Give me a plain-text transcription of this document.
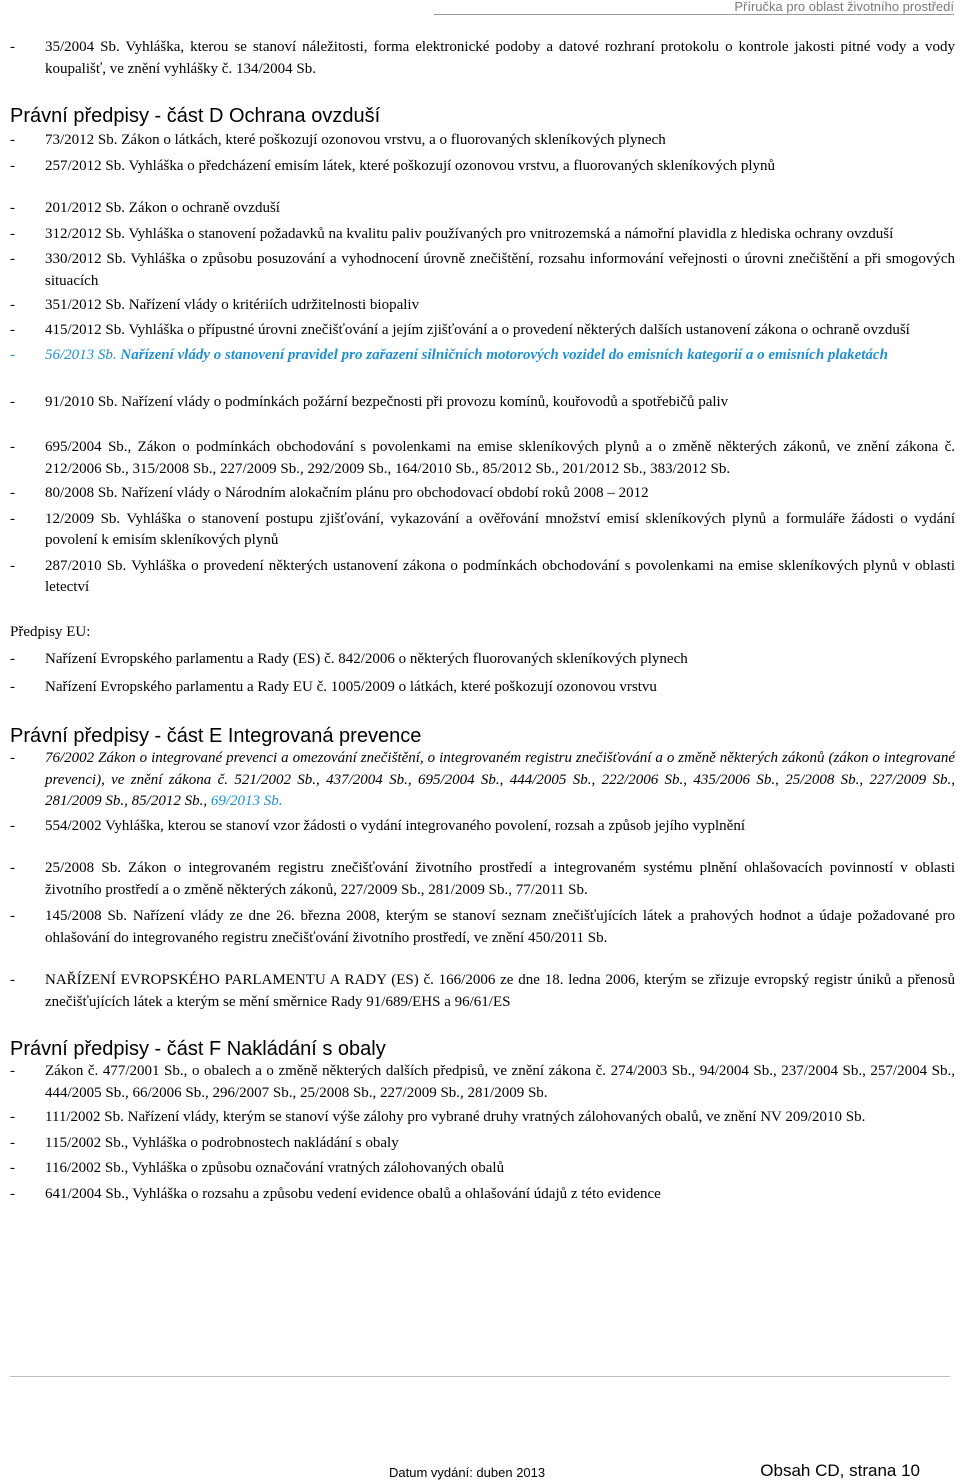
Příručka pro oblast životního prostředí
- 35/2004 Sb. Vyhláška, kterou se stanoví náležitosti, forma elektronické podoby a datové rozhraní protokolu o kontrole jakosti pitné vody a vody koupališť, ve znění vyhlášky č. 134/2004 Sb.
Právní předpisy - část D Ochrana ovzduší
- 73/2012 Sb. Zákon o látkách, které poškozují ozonovou vrstvu, a o fluorovaných skleníkových plynech
- 257/2012 Sb. Vyhláška o předcházení emisím látek, které poškozují ozonovou vrstvu, a fluorovaných skleníkových plynů
- 201/2012 Sb. Zákon o ochraně ovzduší
- 312/2012 Sb. Vyhláška o stanovení požadavků na kvalitu paliv používaných pro vnitrozemská a námořní plavidla z hlediska ochrany ovzduší
- 330/2012 Sb. Vyhláška o způsobu posuzování a vyhodnocení úrovně znečištění, rozsahu informování veřejnosti o úrovni znečištění a při smogových situacích
- 351/2012 Sb. Nařízení vlády o kritériích udržitelnosti biopaliv
- 415/2012 Sb. Vyhláška o přípustné úrovni znečišťování a jejím zjišťování a o provedení některých dalších ustanovení zákona o ochraně ovzduší
- 56/2013 Sb. Nařízení vlády o stanovení pravidel pro zařazení silničních motorových vozidel do emisních kategorií a o emisních plaketách
- 91/2010 Sb. Nařízení vlády o podmínkách požární bezpečnosti při provozu komínů, kouřovodů a spotřebičů paliv
- 695/2004 Sb., Zákon o podmínkách obchodování s povolenkami na emise skleníkových plynů a o změně některých zákonů, ve znění zákona č. 212/2006 Sb., 315/2008 Sb., 227/2009 Sb., 292/2009 Sb., 164/2010 Sb., 85/2012 Sb., 201/2012 Sb., 383/2012 Sb.
- 80/2008 Sb. Nařízení vlády o Národním alokačním plánu pro obchodovací období roků 2008 – 2012
- 12/2009 Sb. Vyhláška o stanovení postupu zjišťování, vykazování a ověřování množství emisí skleníkových plynů a formuláře žádosti o vydání povolení k emisím skleníkových plynů
- 287/2010 Sb. Vyhláška o provedení některých ustanovení zákona o podmínkách obchodování s povolenkami na emise skleníkových plynů v oblasti letectví
Předpisy EU:
- Nařízení Evropského parlamentu a Rady (ES) č. 842/2006 o některých fluorovaných skleníkových plynech
- Nařízení Evropského parlamentu a Rady EU č. 1005/2009 o látkách, které poškozují ozonovou vrstvu
Právní předpisy - část E Integrovaná prevence
- 76/2002 Zákon o integrované prevenci a omezování znečištění, o integrovaném registru znečišťování a o změně některých zákonů (zákon o integrované prevenci), ve znění zákona č. 521/2002 Sb., 437/2004 Sb., 695/2004 Sb., 444/2005 Sb., 222/2006 Sb., 435/2006 Sb., 25/2008 Sb., 227/2009 Sb., 281/2009 Sb., 85/2012 Sb., 69/2013 Sb.
- 554/2002 Vyhláška, kterou se stanoví vzor žádosti o vydání integrovaného povolení, rozsah a způsob jejího vyplnění
- 25/2008 Sb. Zákon o integrovaném registru znečišťování životního prostředí a integrovaném systému plnění ohlašovacích povinností v oblasti životního prostředí a o změně některých zákonů, 227/2009 Sb., 281/2009 Sb., 77/2011 Sb.
- 145/2008 Sb. Nařízení vlády ze dne 26. března 2008, kterým se stanoví seznam znečišťujících látek a prahových hodnot a údaje požadované pro ohlašování do integrovaného registru znečišťování životního prostředí, ve znění 450/2011 Sb.
- NAŘÍZENÍ EVROPSKÉHO PARLAMENTU A RADY (ES) č. 166/2006 ze dne 18. ledna 2006, kterým se zřizuje evropský registr úniků a přenosů znečišťujících látek a kterým se mění směrnice Rady 91/689/EHS a 96/61/ES
Právní předpisy - část F Nakládání s obaly
- Zákon č. 477/2001 Sb., o obalech a o změně některých dalších předpisů, ve znění zákona č. 274/2003 Sb., 94/2004 Sb., 237/2004 Sb., 257/2004 Sb., 444/2005 Sb., 66/2006 Sb., 296/2007 Sb., 25/2008 Sb., 227/2009 Sb., 281/2009 Sb.
- 111/2002 Sb. Nařízení vlády, kterým se stanoví výše zálohy pro vybrané druhy vratných zálohovaných obalů, ve znění NV 209/2010 Sb.
- 115/2002 Sb., Vyhláška o podrobnostech nakládání s obaly
- 116/2002 Sb., Vyhláška o způsobu označování vratných zálohovaných obalů
- 641/2004 Sb., Vyhláška o rozsahu a způsobu vedení evidence obalů a ohlašování údajů z této evidence
Datum vydání: duben 2013	Obsah CD, strana 10
